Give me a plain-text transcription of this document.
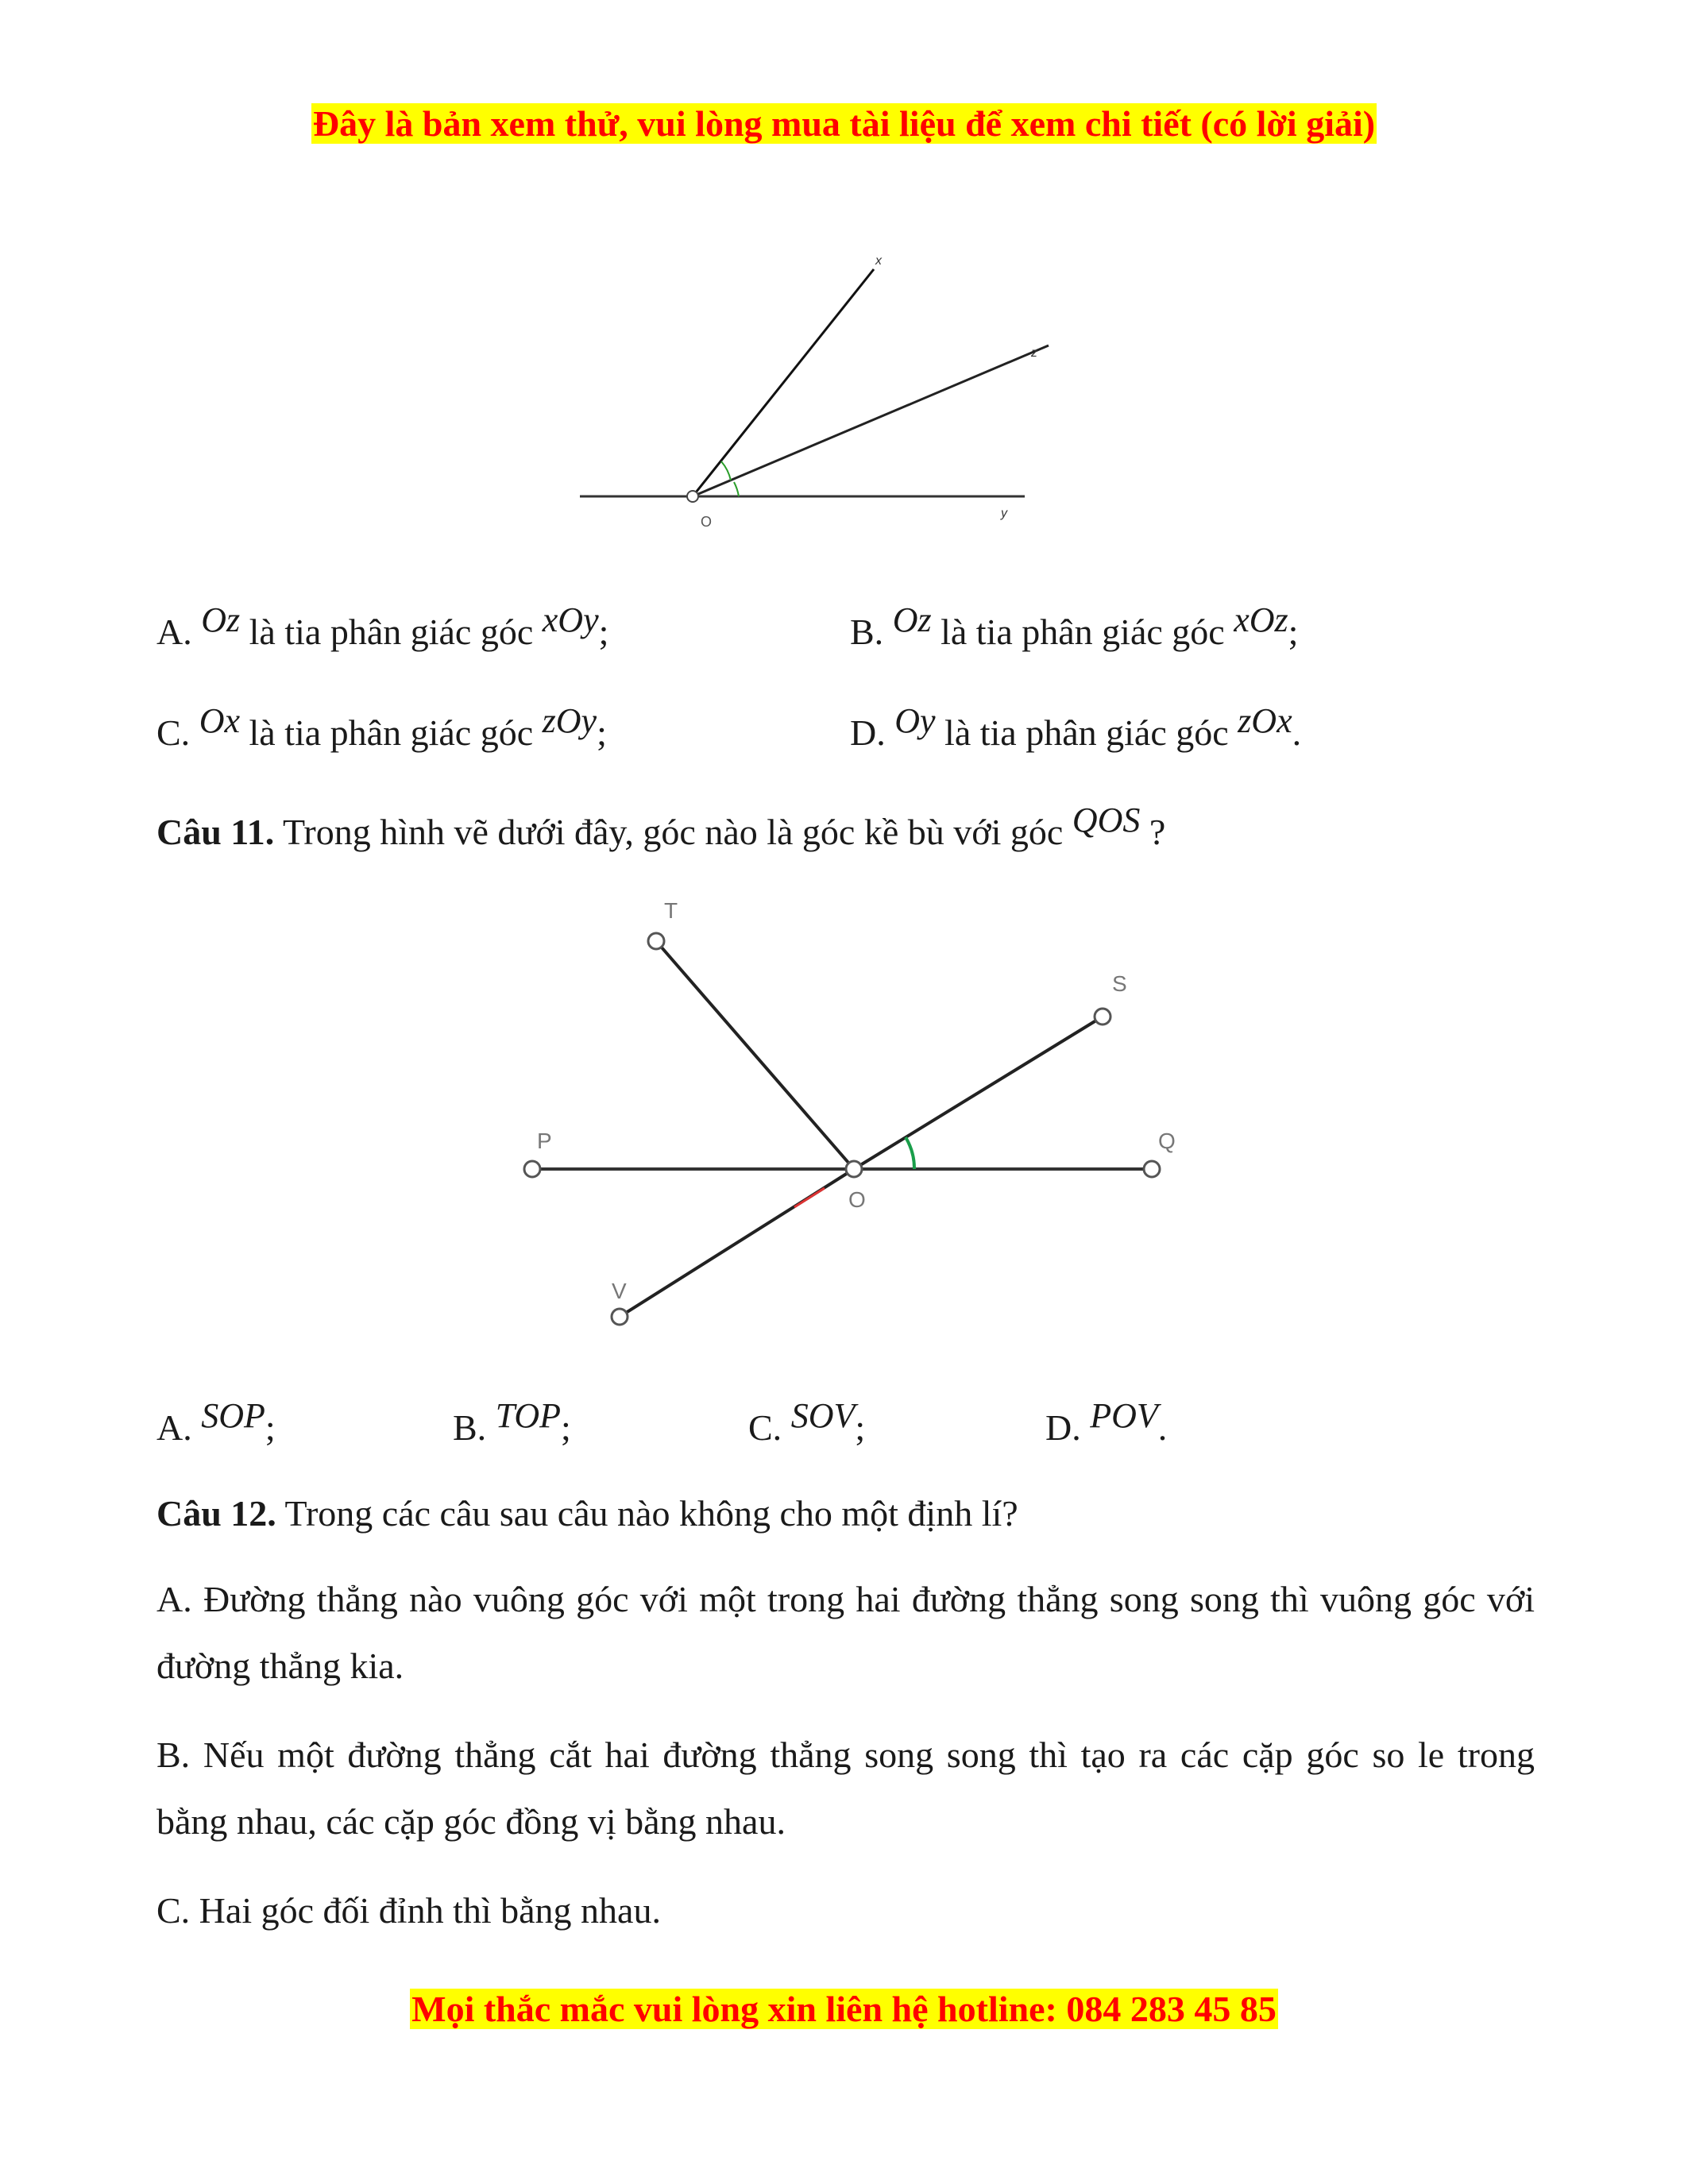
Đây là bản xem thử, vui lòng mua tài liệu để xem chi tiết (có lời giải)
O
x
z
y
A. Oz là tia phân giác góc xOy;	B. Oz là tia phân giác góc xOz;
C. Ox là tia phân giác góc zOy;	D. Oy là tia phân giác góc zOx.
Câu 11. Trong hình vẽ dưới đây, góc nào là góc kề bù với góc QOS ?
T
S
P	Q
O
V
A. SOP;	B. TOP;	C. SOV;	D. POV.
Câu 12. Trong các câu sau câu nào không cho một định lí?
A. Đường thẳng nào vuông góc với một trong hai đường thẳng song song thì vuông góc với đường thẳng kia.
B. Nếu một đường thẳng cắt hai đường thẳng song song thì tạo ra các cặp góc so le trong bằng nhau, các cặp góc đồng vị bằng nhau.
C. Hai góc đối đỉnh thì bằng nhau.
Mọi thắc mắc vui lòng xin liên hệ hotline: 084 283 45 85
